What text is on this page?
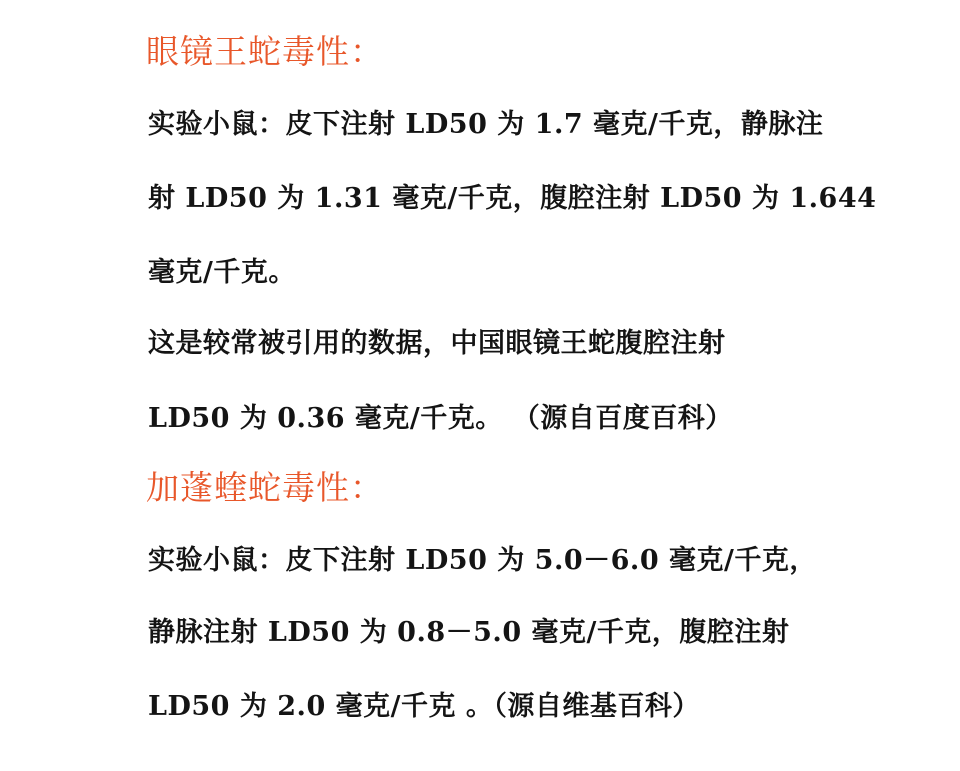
眼镜王蛇毒性：

实验小鼠：皮下注射 LD50 为 1.7 毫克/千克，静脉注

射 LD50 为 1.31 毫克/千克，腹腔注射 LD50 为 1.644

毫克/千克。

这是较常被引用的数据，中国眼镜王蛇腹腔注射

LD50 为 0.36 毫克/千克。 （源自百度百科）

加蓬蝰蛇毒性：

实验小鼠：皮下注射 LD50 为 5.0－6.0 毫克/千克，

静脉注射 LD50 为 0.8－5.0 毫克/千克，腹腔注射

LD50 为 2.0 毫克/千克 。（源自维基百科）
